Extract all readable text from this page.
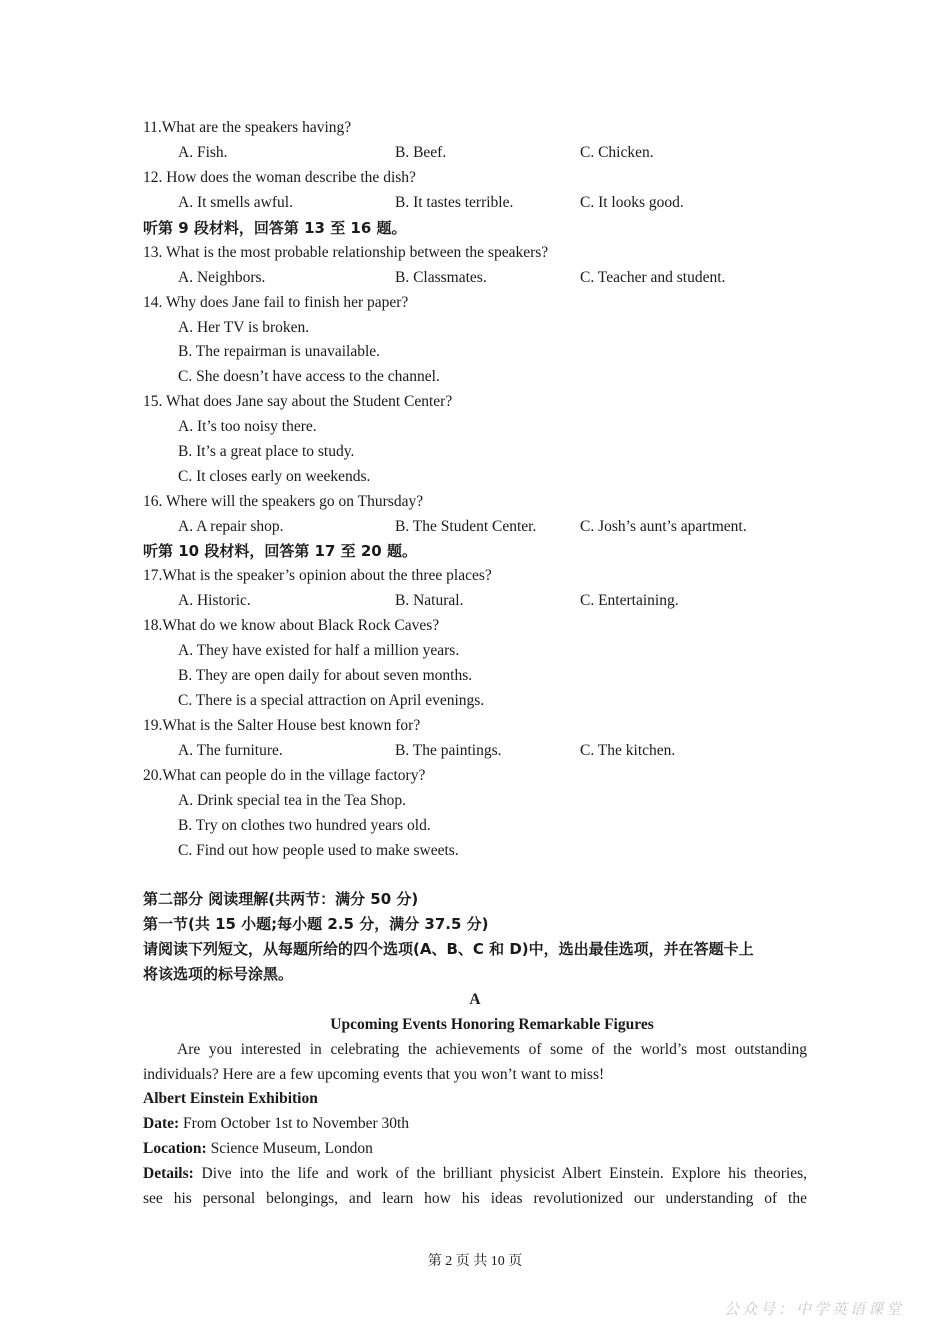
11.What are the speakers having?
A. Fish.	B. Beef.	C. Chicken.
12. How does the woman describe the dish?
A. It smells awful.	B. It tastes terrible.	C. It looks good.
听第 9 段材料，回答第 13 至 16 题。
13. What is the most probable relationship between the speakers?
A. Neighbors.	B. Classmates.	C. Teacher and student.
14. Why does Jane fail to finish her paper?
A. Her TV is broken.
B. The repairman is unavailable.
C. She doesn’t have access to the channel.
15. What does Jane say about the Student Center?
A. It’s too noisy there.
B. It’s a great place to study.
C. It closes early on weekends.
16. Where will the speakers go on Thursday?
A. A repair shop.	B. The Student Center.	C. Josh’s aunt’s apartment.
听第 10 段材料，回答第 17 至 20 题。
17.What is the speaker’s opinion about the three places?
A. Historic.	B. Natural.	C. Entertaining.
18.What do we know about Black Rock Caves?
A. They have existed for half a million years.
B. They are open daily for about seven months.
C. There is a special attraction on April evenings.
19.What is the Salter House best known for?
A. The furniture.	B. The paintings.	C. The kitchen.
20.What can people do in the village factory?
A. Drink special tea in the Tea Shop.
B. Try on clothes two hundred years old.
C. Find out how people used to make sweets.
第二部分 阅读理解(共两节：满分 50 分)
第一节(共 15 小题;每小题 2.5 分，满分 37.5 分)
请阅读下列短文，从每题所给的四个选项(A、B、C 和 D)中，选出最佳选项，并在答题卡上
将该选项的标号涂黑。
A
Upcoming Events Honoring Remarkable Figures
Are you interested in celebrating the achievements of some of the world’s most outstanding
individuals? Here are a few upcoming events that you won’t want to miss!
Albert Einstein Exhibition
Date: From October 1st to November 30th
Location: Science Museum, London
Details: Dive into the life and work of the brilliant physicist Albert Einstein. Explore his theories,
see his personal belongings, and learn how his ideas revolutionized our understanding of the
第 2 页 共 10 页
公众号：中学英语课堂
